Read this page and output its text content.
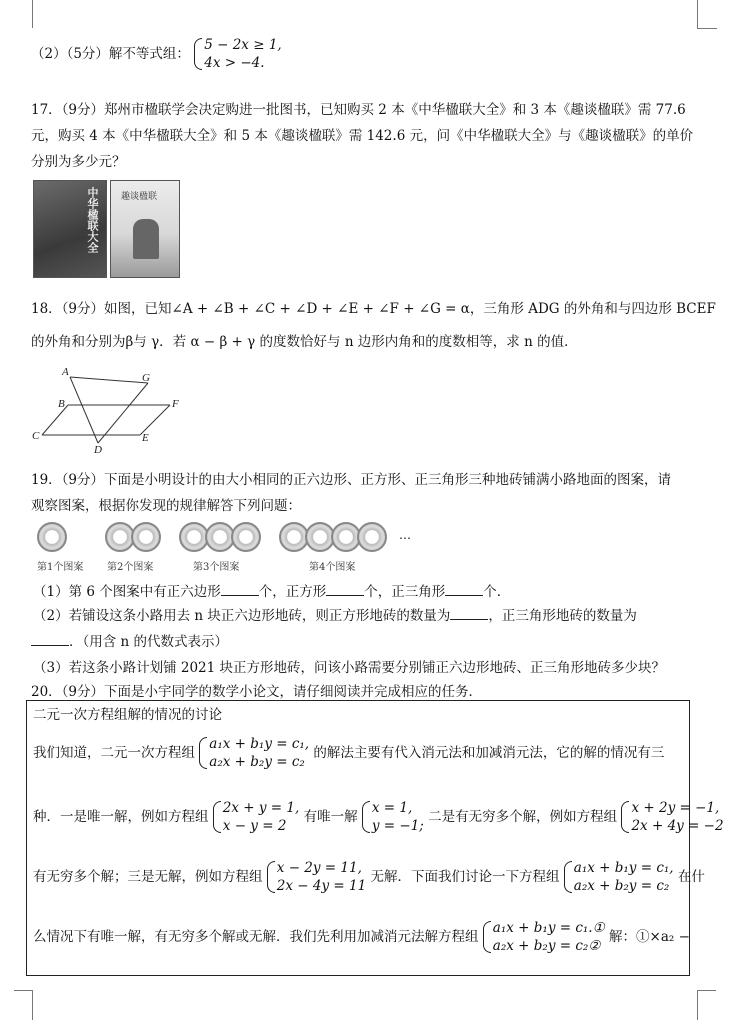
（2）（5分）解不等式组：
5 − 2x ≥ 1,
4x > −4.
17．（9分）郑州市楹联学会决定购进一批图书，已知购买 2 本《中华楹联大全》和 3 本《趣谈楹联》需 77.6
元，购买 4 本《中华楹联大全》和 5 本《趣谈楹联》需 142.6 元，问《中华楹联大全》与《趣谈楹联》的单价
分别为多少元？
中华楹联大全 趣谈楹联
18．（9分）如图，已知∠A + ∠B + ∠C + ∠D + ∠E + ∠F + ∠G = α，三角形 ADG 的外角和与四边形 BCEF
的外角和分别为β与 γ．若 α − β + γ 的度数恰好与 n 边形内角和的度数相等，求 n 的值．
A	G
B	F
C
D
E
19．（9分）下面是小明设计的由大小相同的正六边形、正方形、正三角形三种地砖铺满小路地面的图案，请
观察图案，根据你发现的规律解答下列问题：
…
第1个图案 第2个图案	第3个图案	第4个图案
（1）第 6 个图案中有正六边形	个，正方形	个，正三角形	个．
（2）若铺设这条小路用去 n 块正六边形地砖，则正方形地砖的数量为	，正三角形地砖的数量为
．（用含 n 的代数式表示）
（3）若这条小路计划铺 2021 块正方形地砖，问该小路需要分别铺正六边形地砖、正三角形地砖多少块？
20．（9分）下面是小宇同学的数学小论文，请仔细阅读并完成相应的任务．
二元一次方程组解的情况的讨论
我们知道，二元一次方程组
a₁x + b₁y = c₁,
a₂x + b₂y = c₂
的解法主要有代入消元法和加减消元法，它的解的情况有三
种．一是唯一解，例如方程组
2x + y = 1,
x − y = 2
有唯一解
x = 1,
y = −1;
二是有无穷多个解，例如方程组
x + 2y = −1,
2x + 4y = −2
有无穷多个解；三是无解，例如方程组
x − 2y = 11,
2x − 4y = 11
无解．下面我们讨论一下方程组
a₁x + b₁y = c₁,
a₂x + b₂y = c₂
在什
么情况下有唯一解，有无穷多个解或无解．我们先利用加减消元法解方程组
a₁x + b₁y = c₁.①
a₂x + b₂y = c₂②
解：①×a₂ −
